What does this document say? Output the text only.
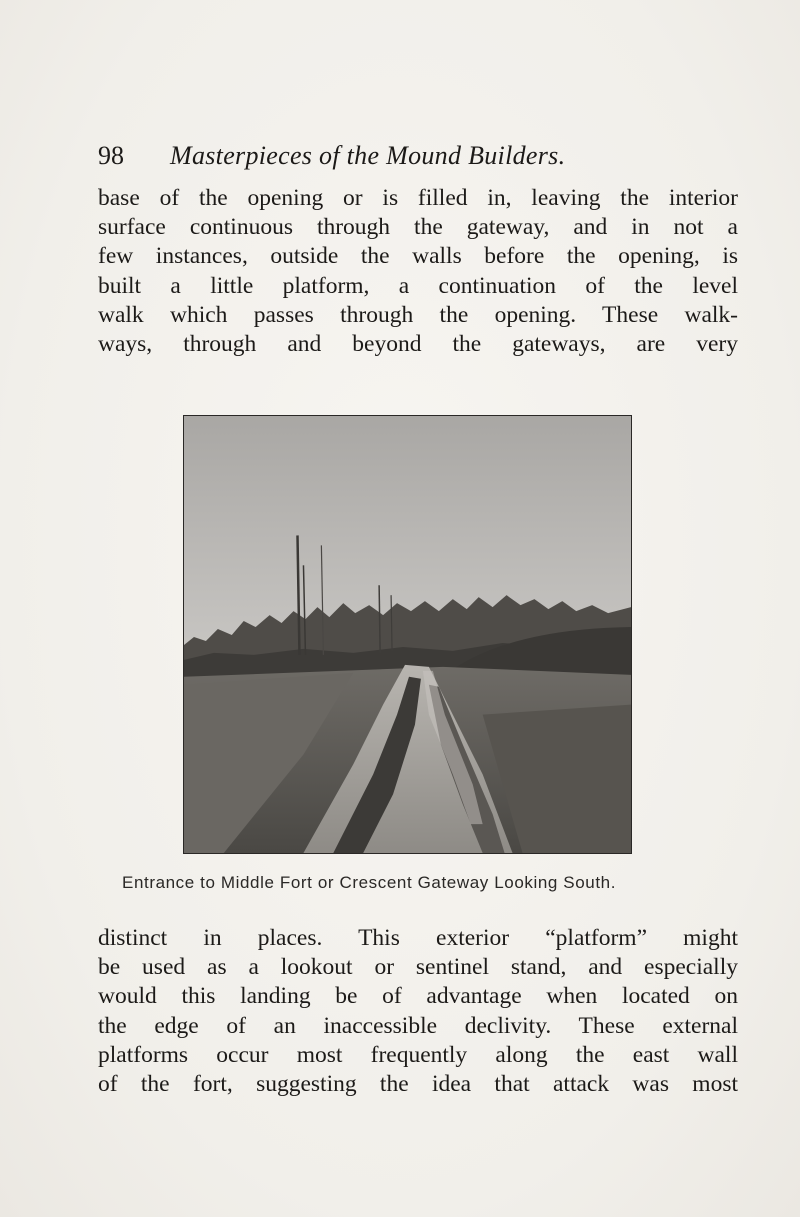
98 Masterpieces of the Mound Builders.
base of the opening or is filled in, leaving the interior
surface continuous through the gateway, and in not a
few instances, outside the walls before the opening, is
built a little platform, a continuation of the level
walk which passes through the opening. These walk-
ways, through and beyond the gateways, are very
Entrance to Middle Fort or Crescent Gateway Looking South.
distinct in places. This exterior “platform” might
be used as a lookout or sentinel stand, and especially
would this landing be of advantage when located on
the edge of an inaccessible declivity. These external
platforms occur most frequently along the east wall
of the fort, suggesting the idea that attack was most
